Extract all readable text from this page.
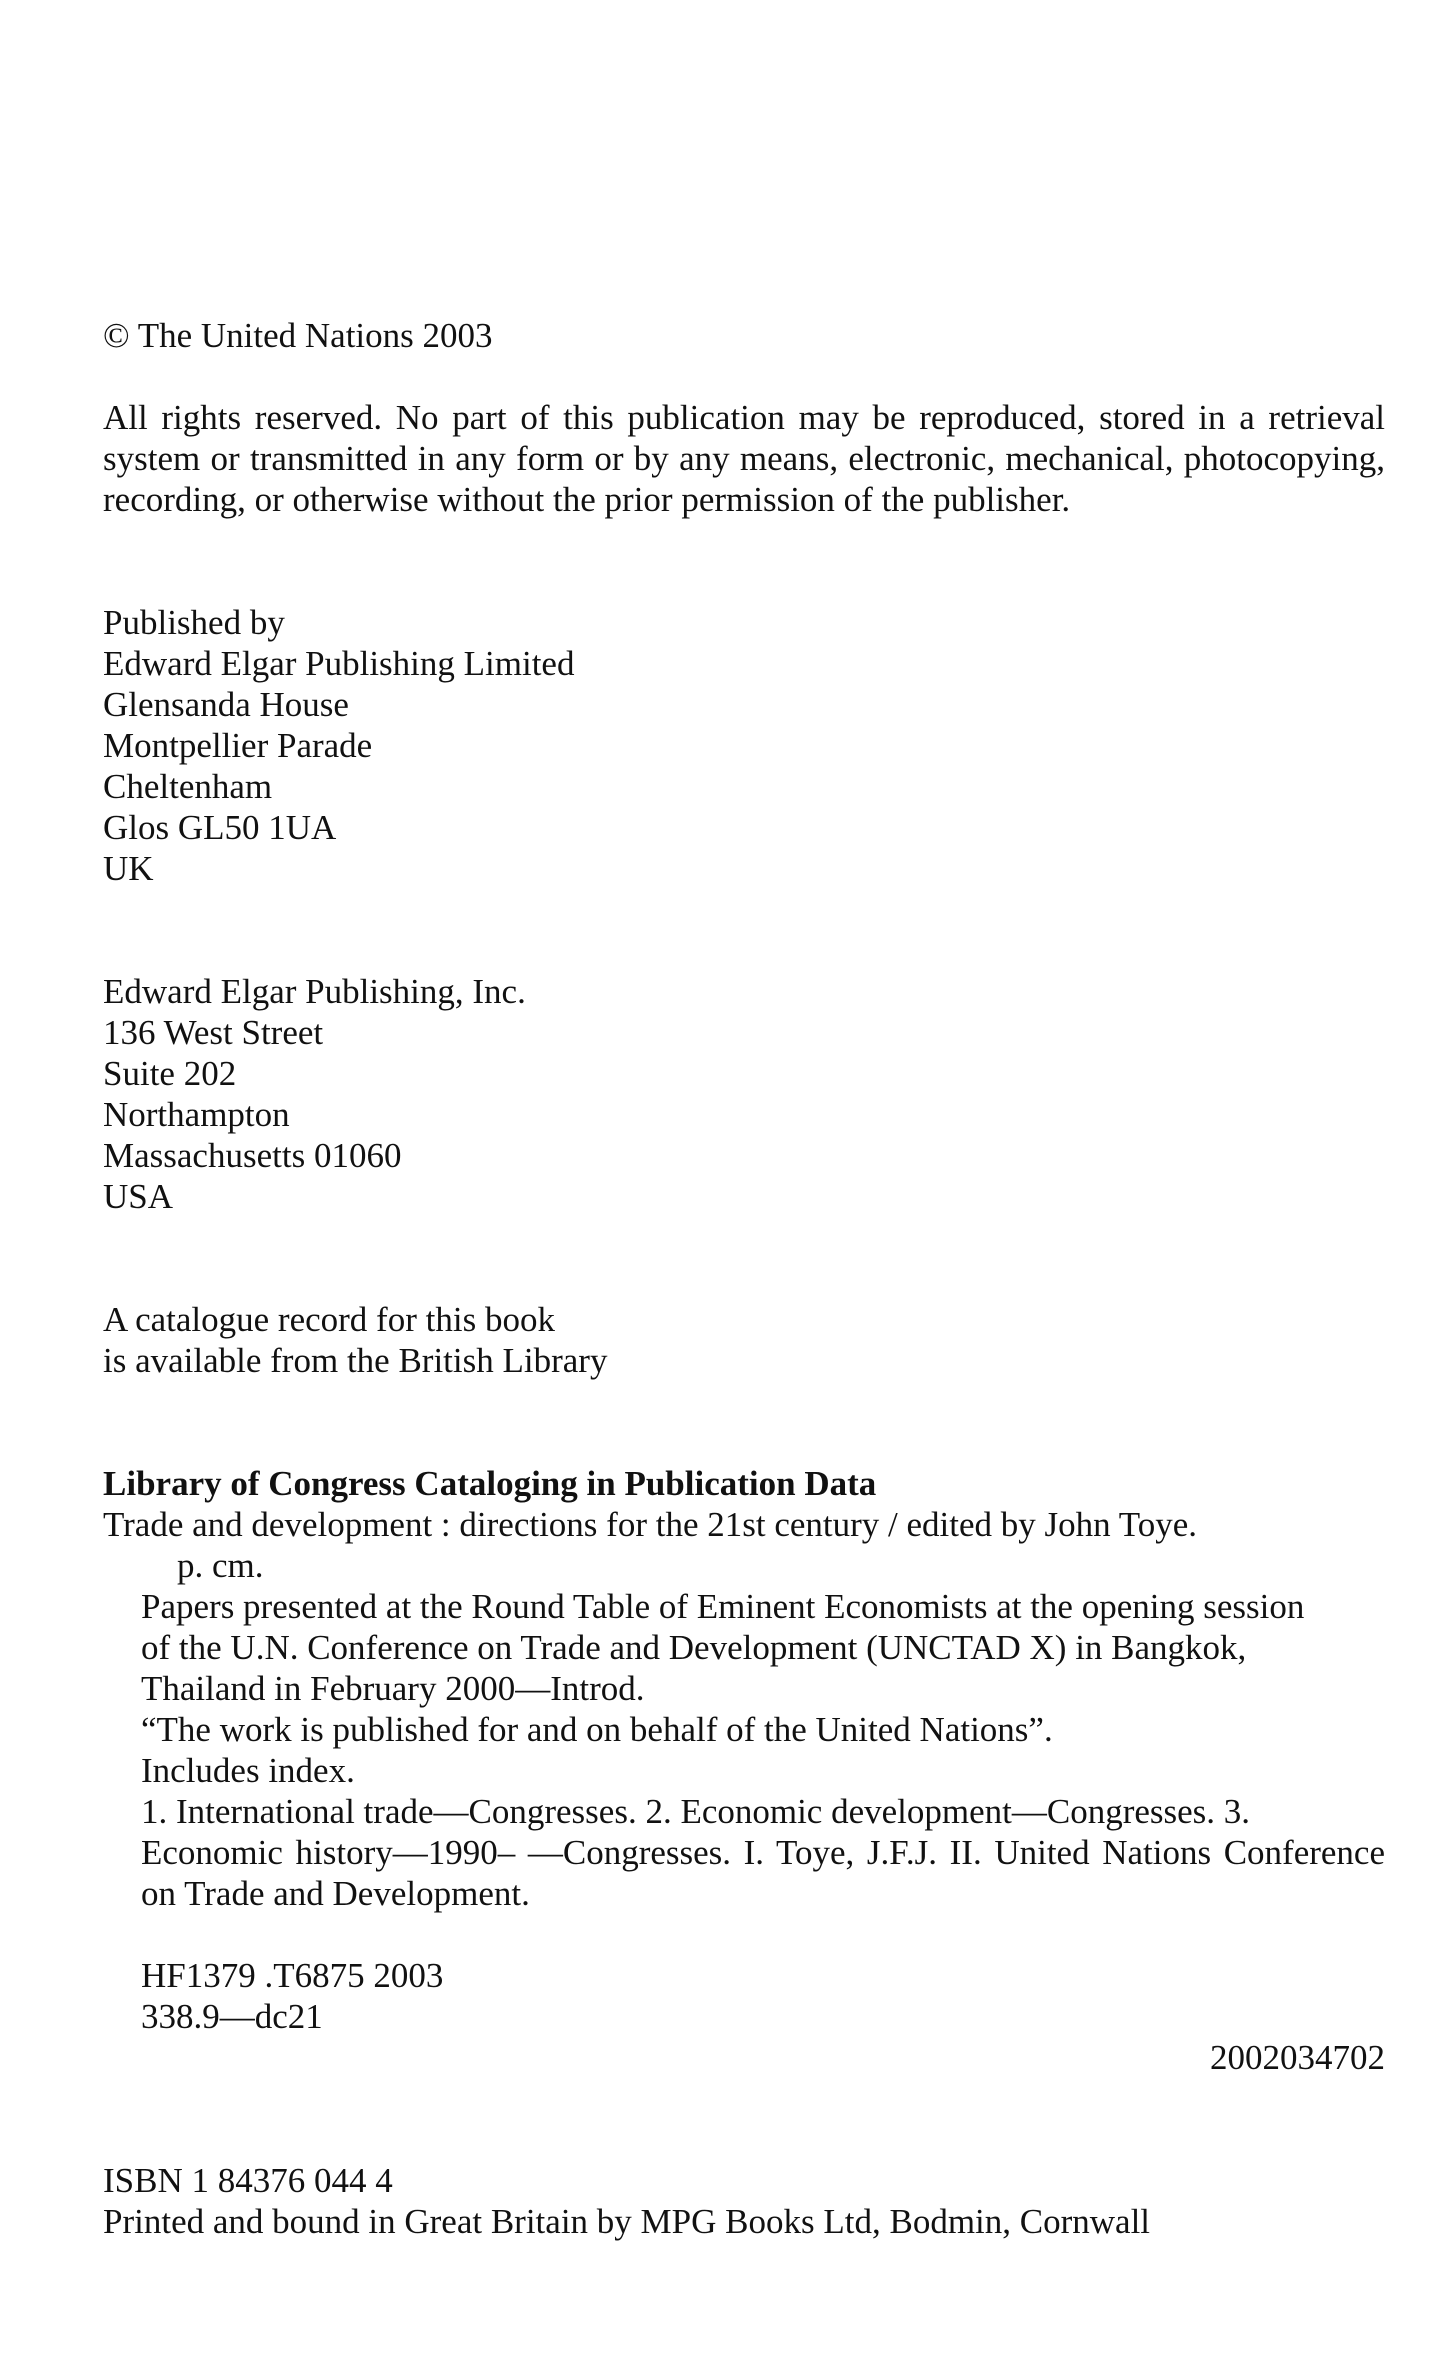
© The United Nations 2003
All rights reserved. No part of this publication may be reproduced, stored in a retrieval
system or transmitted in any form or by any means, electronic, mechanical, photocopying,
recording, or otherwise without the prior permission of the publisher.
Published by
Edward Elgar Publishing Limited
Glensanda House
Montpellier Parade
Cheltenham
Glos GL50 1UA
UK
Edward Elgar Publishing, Inc.
136 West Street
Suite 202
Northampton
Massachusetts 01060
USA
A catalogue record for this book
is available from the British Library
Library of Congress Cataloging in Publication Data
Trade and development : directions for the 21st century / edited by John Toye.
p. cm.
Papers presented at the Round Table of Eminent Economists at the opening session
of the U.N. Conference on Trade and Development (UNCTAD X) in Bangkok,
Thailand in February 2000—Introd.
“The work is published for and on behalf of the United Nations”.
Includes index.
1. International trade—Congresses. 2. Economic development—Congresses. 3.
Economic history—1990– —Congresses. I. Toye, J.F.J. II. United Nations Conference
on Trade and Development.
HF1379 .T6875 2003
338.9—dc21
2002034702
ISBN 1 84376 044 4
Printed and bound in Great Britain by MPG Books Ltd, Bodmin, Cornwall
